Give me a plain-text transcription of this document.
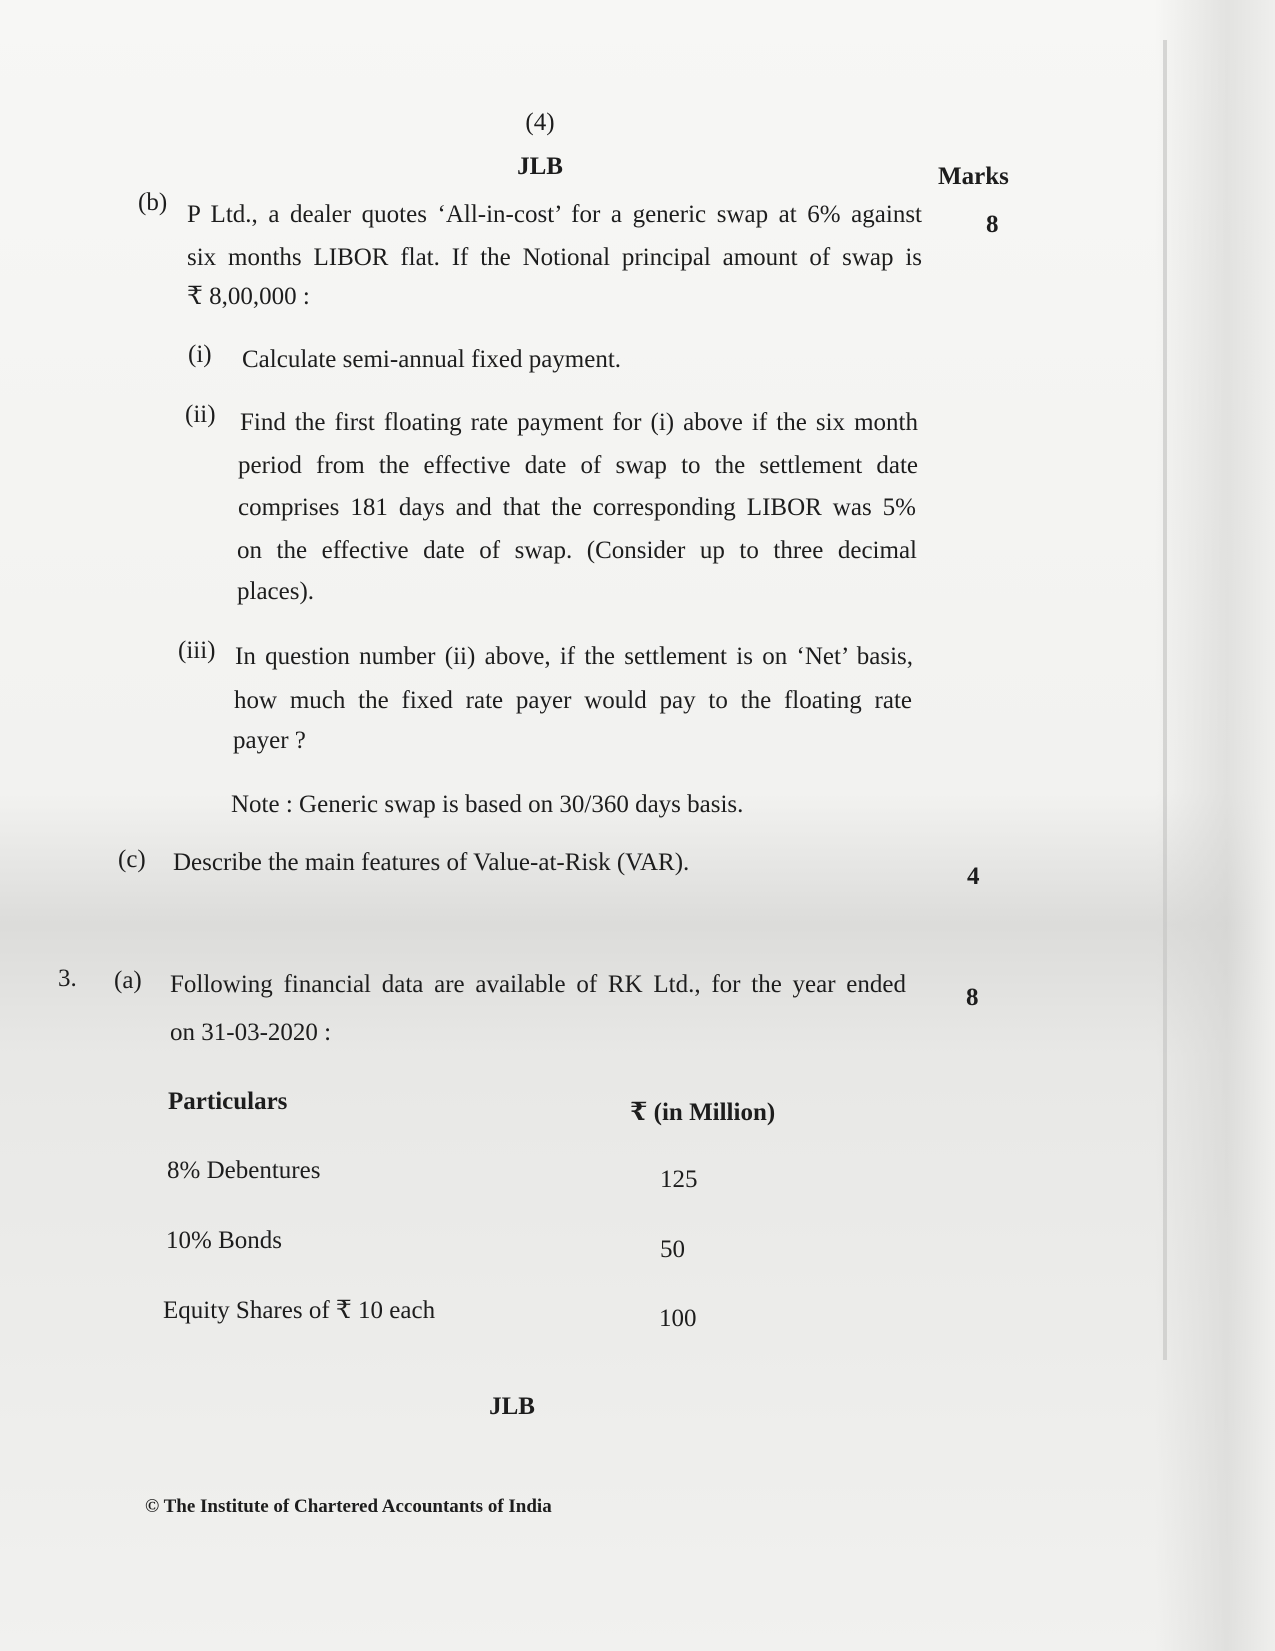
(4)
JLB	Marks
(b) P Ltd., a dealer quotes ‘All-in-cost’ for a generic swap at 6% against
six months LIBOR flat. If the Notional principal amount of swap is
₹ 8,00,000 :
8
(i) Calculate semi-annual fixed payment.
(ii) Find the first floating rate payment for (i) above if the six month
period from the effective date of swap to the settlement date
comprises 181 days and that the corresponding LIBOR was 5%
on the effective date of swap. (Consider up to three decimal
places).
(iii) In question number (ii) above, if the settlement is on ‘Net’ basis,
how much the fixed rate payer would pay to the floating rate
payer ?
Note : Generic swap is based on 30/360 days basis.
(c) Describe the main features of Value-at-Risk (VAR).
4
3. (a) Following financial data are available of RK Ltd., for the year ended
on 31-03-2020 :
8
Particulars	₹ (in Million)
8% Debentures	125
10% Bonds	50
Equity Shares of ₹ 10 each	100
JLB
© The Institute of Chartered Accountants of India
